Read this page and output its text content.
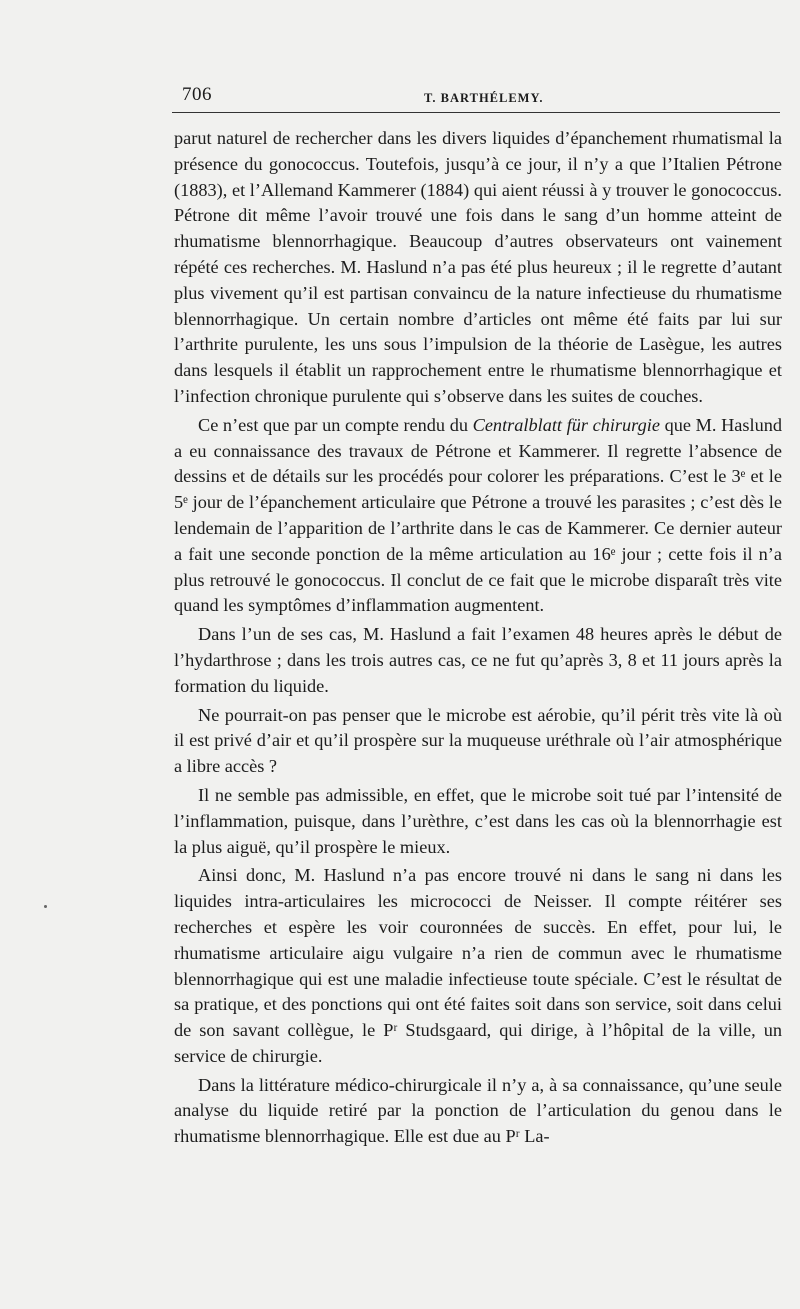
706	T. BARTHÉLEMY.

parut naturel de rechercher dans les divers liquides d’épanchement rhumatismal la présence du gonococcus. Toutefois, jusqu’à ce jour, il n’y a que l’Italien Pétrone (1883), et l’Allemand Kammerer (1884) qui aient réussi à y trouver le gonococcus. Pétrone dit même l’avoir trouvé une fois dans le sang d’un homme atteint de rhumatisme blennorrhagique. Beaucoup d’autres observateurs ont vainement répété ces recherches. M. Haslund n’a pas été plus heureux ; il le regrette d’autant plus vivement qu’il est partisan convaincu de la nature infectieuse du rhumatisme blennorrhagique. Un certain nombre d’articles ont même été faits par lui sur l’arthrite purulente, les uns sous l’impulsion de la théorie de Lasègue, les autres dans lesquels il établit un rapprochement entre le rhumatisme blennorrhagique et l’infection chronique purulente qui s’observe dans les suites de couches.

Ce n’est que par un compte rendu du Centralblatt für chirurgie que M. Haslund a eu connaissance des travaux de Pétrone et Kammerer. Il regrette l’absence de dessins et de détails sur les procédés pour colorer les préparations. C’est le 3ᵉ et le 5ᵉ jour de l’épanchement articulaire que Pétrone a trouvé les parasites ; c’est dès le lendemain de l’apparition de l’arthrite dans le cas de Kammerer. Ce dernier auteur a fait une seconde ponction de la même articulation au 16ᵉ jour ; cette fois il n’a plus retrouvé le gonococcus. Il conclut de ce fait que le microbe disparaît très vite quand les symptômes d’inflammation augmentent.

Dans l’un de ses cas, M. Haslund a fait l’examen 48 heures après le début de l’hydarthrose ; dans les trois autres cas, ce ne fut qu’après 3, 8 et 11 jours après la formation du liquide.

Ne pourrait-on pas penser que le microbe est aérobie, qu’il périt très vite là où il est privé d’air et qu’il prospère sur la muqueuse uréthrale où l’air atmosphérique a libre accès ?

Il ne semble pas admissible, en effet, que le microbe soit tué par l’intensité de l’inflammation, puisque, dans l’urèthre, c’est dans les cas où la blennorrhagie est la plus aiguë, qu’il prospère le mieux.

Ainsi donc, M. Haslund n’a pas encore trouvé ni dans le sang ni dans les liquides intra-articulaires les micrococci de Neisser. Il compte réitérer ses recherches et espère les voir couronnées de succès. En effet, pour lui, le rhumatisme articulaire aigu vulgaire n’a rien de commun avec le rhumatisme blennorrhagique qui est une maladie infectieuse toute spéciale. C’est le résultat de sa pratique, et des ponctions qui ont été faites soit dans son service, soit dans celui de son savant collègue, le Pʳ Studsgaard, qui dirige, à l’hôpital de la ville, un service de chirurgie.

Dans la littérature médico-chirurgicale il n’y a, à sa connaissance, qu’une seule analyse du liquide retiré par la ponction de l’articulation du genou dans le rhumatisme blennorrhagique. Elle est due au Pʳ La-
